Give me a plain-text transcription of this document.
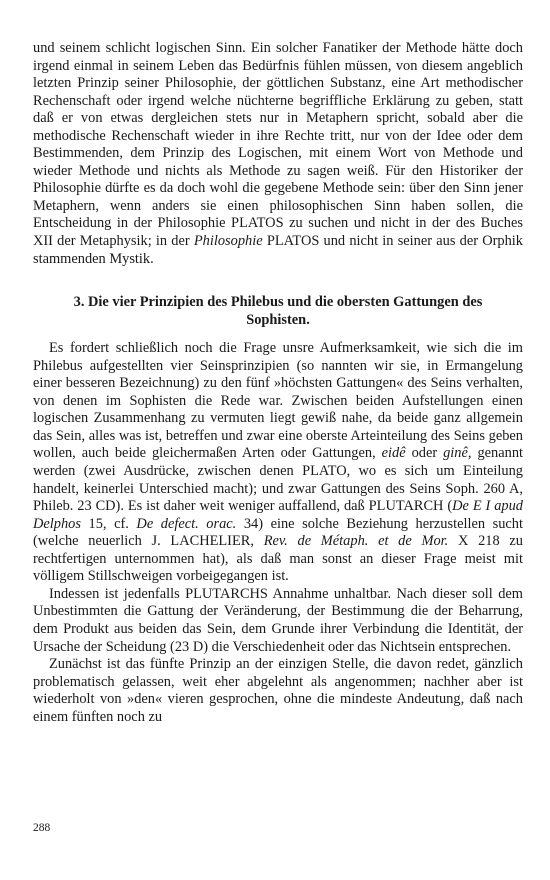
und seinem schlicht logischen Sinn. Ein solcher Fanatiker der Methode hätte doch irgend einmal in seinem Leben das Bedürfnis fühlen müssen, von diesem angeblich letzten Prinzip seiner Philosophie, der göttlichen Substanz, eine Art methodischer Rechenschaft oder irgend welche nüchterne begriffliche Erklärung zu geben, statt daß er von etwas dergleichen stets nur in Metaphern spricht, sobald aber die methodische Rechenschaft wieder in ihre Rechte tritt, nur von der Idee oder dem Bestimmenden, dem Prinzip des Logischen, mit einem Wort von Methode und wieder Methode und nichts als Methode zu sagen weiß. Für den Historiker der Philosophie dürfte es da doch wohl die gegebene Methode sein: über den Sinn jener Metaphern, wenn anders sie einen philosophischen Sinn haben sollen, die Entscheidung in der Philosophie PLATOS zu suchen und nicht in der des Buches XII der Metaphysik; in der Philosophie PLATOS und nicht in seiner aus der Orphik stammenden Mystik.

3. Die vier Prinzipien des Philebus und die obersten Gattungen des Sophisten.

Es fordert schließlich noch die Frage unsre Aufmerksamkeit, wie sich die im Philebus aufgestellten vier Seinsprinzipien (so nannten wir sie, in Ermangelung einer besseren Bezeichnung) zu den fünf »höchsten Gattungen« des Seins verhalten, von denen im Sophisten die Rede war. Zwischen beiden Aufstellungen einen logischen Zusammenhang zu vermuten liegt gewiß nahe, da beide ganz allgemein das Sein, alles was ist, betreffen und zwar eine oberste Arteinteilung des Seins geben wollen, auch beide gleichermaßen Arten oder Gattungen, eidê oder ginê, genannt werden (zwei Ausdrücke, zwischen denen PLATO, wo es sich um Einteilung handelt, keinerlei Unterschied macht); und zwar Gattungen des Seins Soph. 260 A, Phileb. 23 CD). Es ist daher weit weniger auffallend, daß PLUTARCH (De E I apud Delphos 15, cf. De defect. orac. 34) eine solche Beziehung herzustellen sucht (welche neuerlich J. LACHELIER, Rev. de Métaph. et de Mor. X 218 zu rechtfertigen unternommen hat), als daß man sonst an dieser Frage meist mit völligem Stillschweigen vorbeigegangen ist.

Indessen ist jedenfalls PLUTARCHS Annahme unhaltbar. Nach dieser soll dem Unbestimmten die Gattung der Veränderung, der Bestimmung die der Beharrung, dem Produkt aus beiden das Sein, dem Grunde ihrer Verbindung die Identität, der Ursache der Scheidung (23 D) die Verschiedenheit oder das Nichtsein entsprechen.

Zunächst ist das fünfte Prinzip an der einzigen Stelle, die davon redet, gänzlich problematisch gelassen, weit eher abgelehnt als angenommen; nachher aber ist wiederholt von »den« vieren gesprochen, ohne die mindeste Andeutung, daß nach einem fünften noch zu

288
